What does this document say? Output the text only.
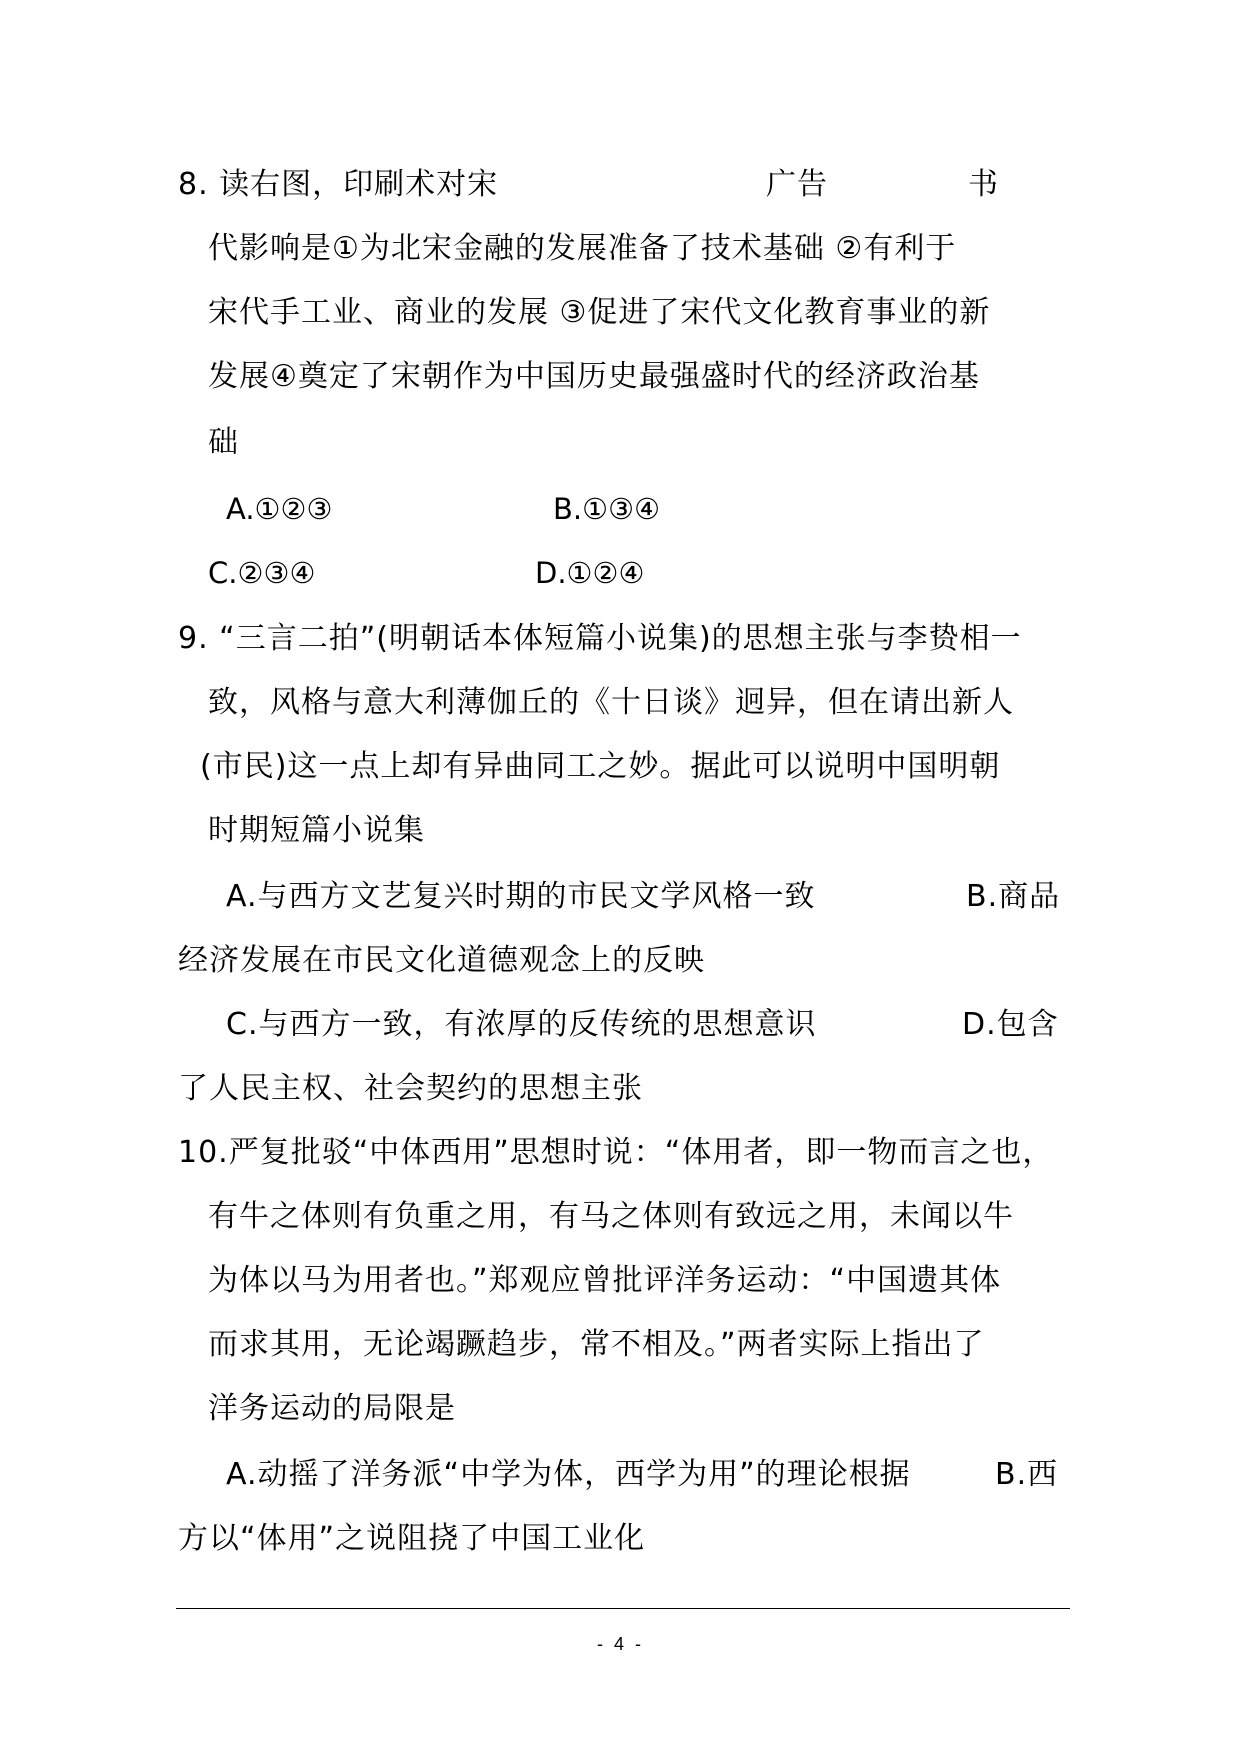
8. 读右图，印刷术对宋	广告	书
代影响是①为北宋金融的发展准备了技术基础 ②有利于
宋代手工业、商业的发展 ③促进了宋代文化教育事业的新
发展④奠定了宋朝作为中国历史最强盛时代的经济政治基
础
A.①②③	B.①③④
C.②③④	D.①②④
9. “三言二拍”(明朝话本体短篇小说集)的思想主张与李贽相一
致，风格与意大利薄伽丘的《十日谈》迥异，但在请出新人
(市民)这一点上却有异曲同工之妙。据此可以说明中国明朝
时期短篇小说集
A.与西方文艺复兴时期的市民文学风格一致	B.商品
经济发展在市民文化道德观念上的反映
C.与西方一致，有浓厚的反传统的思想意识	D.包含
了人民主权、社会契约的思想主张
10.严复批驳“中体西用”思想时说：“体用者，即一物而言之也，
有牛之体则有负重之用，有马之体则有致远之用，未闻以牛
为体以马为用者也。”郑观应曾批评洋务运动：“中国遗其体
而求其用，无论竭蹶趋步，常不相及。”两者实际上指出了
洋务运动的局限是
A.动摇了洋务派“中学为体，西学为用”的理论根据	B.西
方以“体用”之说阻挠了中国工业化
- 4 -
